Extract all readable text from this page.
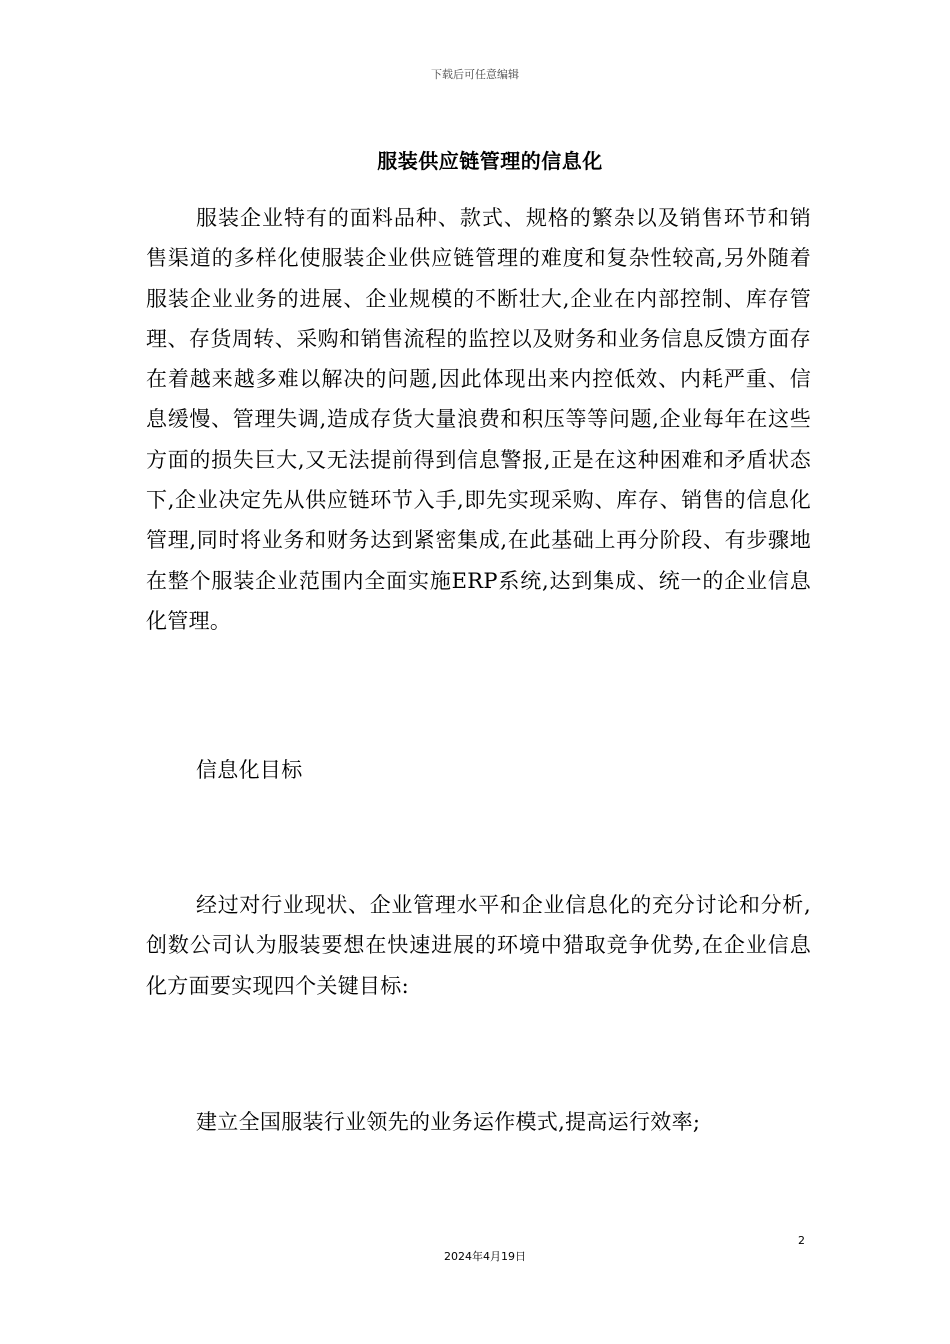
下载后可任意编辑
服装供应链管理的信息化

服装企业特有的面料品种、款式、规格的繁杂以及销售环节和销售渠道的多样化使服装企业供应链管理的难度和复杂性较高,另外随着服装企业业务的进展、企业规模的不断壮大,企业在内部控制、库存管理、存货周转、采购和销售流程的监控以及财务和业务信息反馈方面存在着越来越多难以解决的问题,因此体现出来内控低效、内耗严重、信息缓慢、管理失调,造成存货大量浪费和积压等等问题,企业每年在这些方面的损失巨大,又无法提前得到信息警报,正是在这种困难和矛盾状态下,企业决定先从供应链环节入手,即先实现采购、库存、销售的信息化管理,同时将业务和财务达到紧密集成,在此基础上再分阶段、有步骤地在整个服装企业范围内全面实施ERP系统,达到集成、统一的企业信息化管理。

信息化目标

经过对行业现状、企业管理水平和企业信息化的充分讨论和分析,创数公司认为服装要想在快速进展的环境中猎取竞争优势,在企业信息化方面要实现四个关键目标:

建立全国服装行业领先的业务运作模式,提高运行效率;

2
2024年4月19日
